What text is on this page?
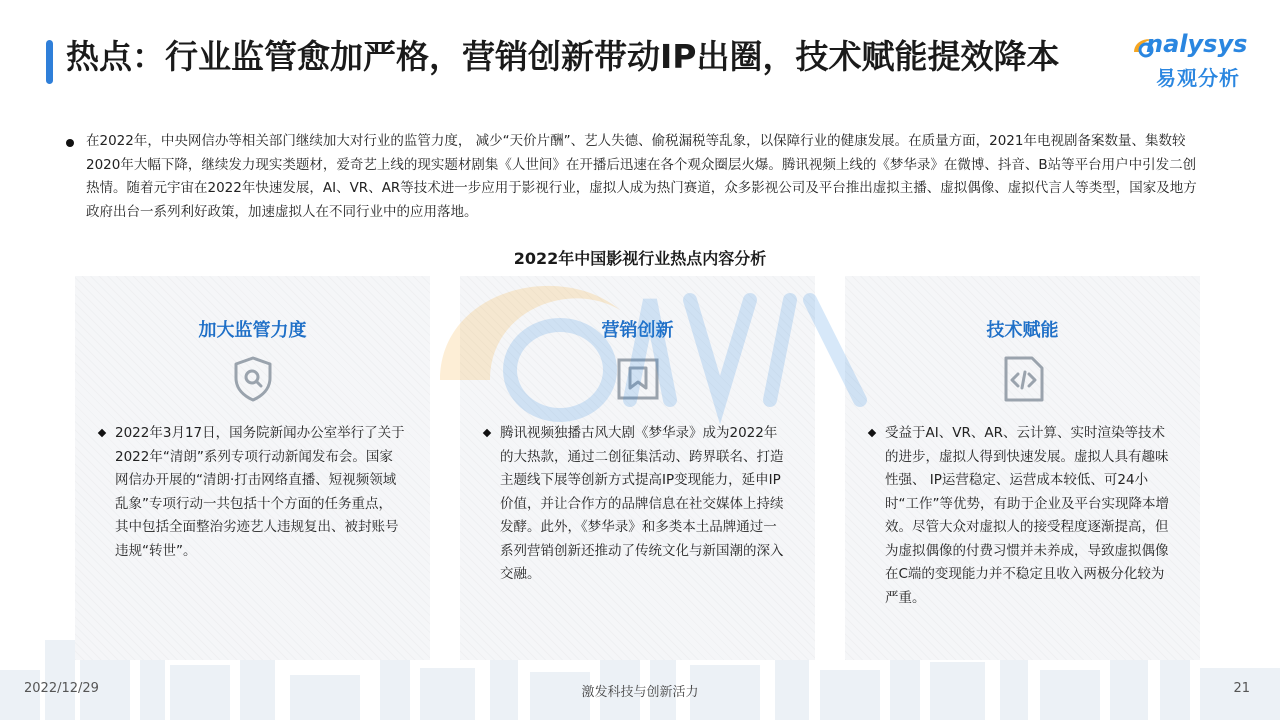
热点：行业监管愈加严格，营销创新带动IP出圈，技术赋能提效降本	nalysys
易观分析

在2022年，中央网信办等相关部门继续加大对行业的监管力度， 减少“天价片酬”、艺人失德、偷税漏税等乱象，以保障行业的健康发展。在质量方面，2021年电视剧备案数量、集数较2020年大幅下降，继续发力现实类题材，爱奇艺上线的现实题材剧集《人世间》在开播后迅速在各个观众圈层火爆。腾讯视频上线的《梦华录》在微博、抖音、B站等平台用户中引发二创热情。随着元宇宙在2022年快速发展，AI、VR、AR等技术进一步应用于影视行业，虚拟人成为热门赛道，众多影视公司及平台推出虚拟主播、虚拟偶像、虚拟代言人等类型，国家及地方政府出台一系列利好政策，加速虚拟人在不同行业中的应用落地。

2022年中国影视行业热点内容分析
加大监管力度
2022年3月17日，国务院新闻办公室举行了关于2022年“清朗”系列专项行动新闻发布会。国家网信办开展的“清朗·打击网络直播、短视频领域乱象”专项行动一共包括十个方面的任务重点，其中包括全面整治劣迹艺人违规复出、被封账号违规“转世”。
营销创新
腾讯视频独播古风大剧《梦华录》成为2022年的大热款，通过二创征集活动、跨界联名、打造主题线下展等创新方式提高IP变现能力，延申IP价值，并让合作方的品牌信息在社交媒体上持续发酵。此外，《梦华录》和多类本土品牌通过一系列营销创新还推动了传统文化与新国潮的深入交融。
技术赋能
受益于AI、VR、AR、云计算、实时渲染等技术的进步，虚拟人得到快速发展。虚拟人具有趣味性强、 IP运营稳定、运营成本较低、可24小时“工作”等优势，有助于企业及平台实现降本增效。尽管大众对虚拟人的接受程度逐渐提高，但为虚拟偶像的付费习惯并未养成，导致虚拟偶像在C端的变现能力并不稳定且收入两极分化较为严重。
2022/12/29	激发科技与创新活力	21
